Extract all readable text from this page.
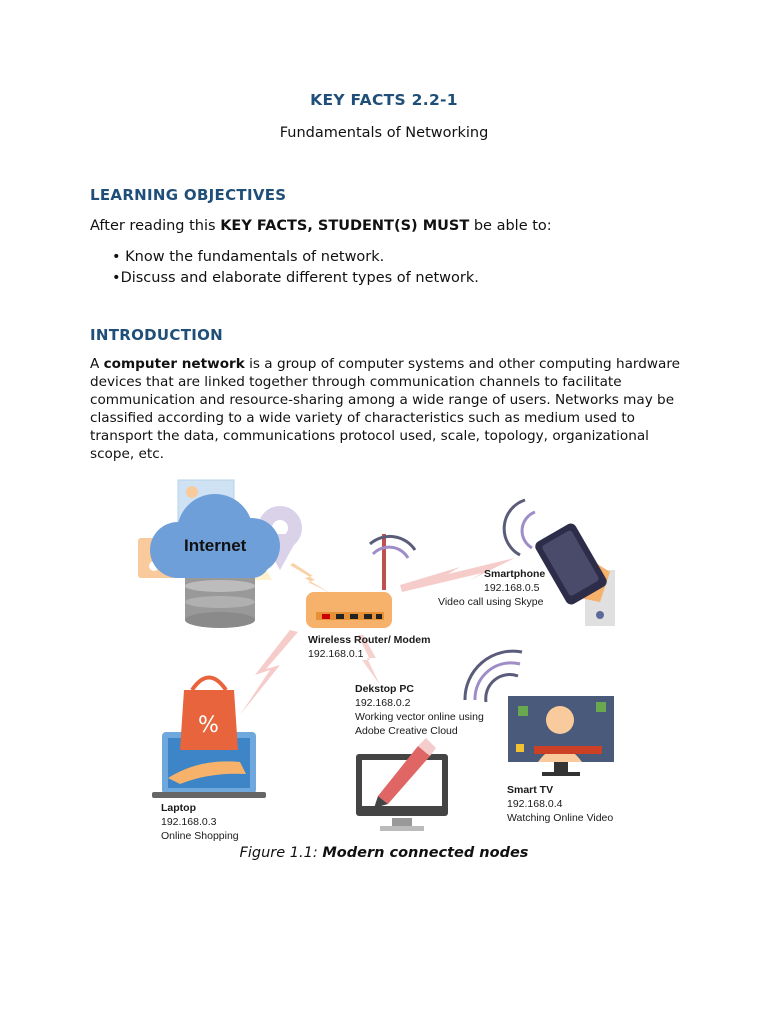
KEY FACTS 2.2-1
Fundamentals of Networking
LEARNING OBJECTIVES
After reading this KEY FACTS, STUDENT(S) MUST be able to:
• Know the fundamentals of network.
•Discuss and elaborate different types of network.
INTRODUCTION
A computer network is a group of computer systems and other computing hardware devices that are linked together through communication channels to facilitate communication and resource-sharing among a wide range of users. Networks may be classified according to a wide variety of characteristics such as medium used to transport the data, communications protocol used, scale, topology, organizational scope, etc.
%
Internet
Wireless Router/ Modem
192.168.0.1
Smartphone
192.168.0.5
Video call using Skype
Dekstop PC
192.168.0.2
Working vector online using
Adobe Creative Cloud
Laptop
192.168.0.3
Online Shopping
Smart TV
192.168.0.4
Watching Online Video
Figure 1.1: Modern connected nodes
